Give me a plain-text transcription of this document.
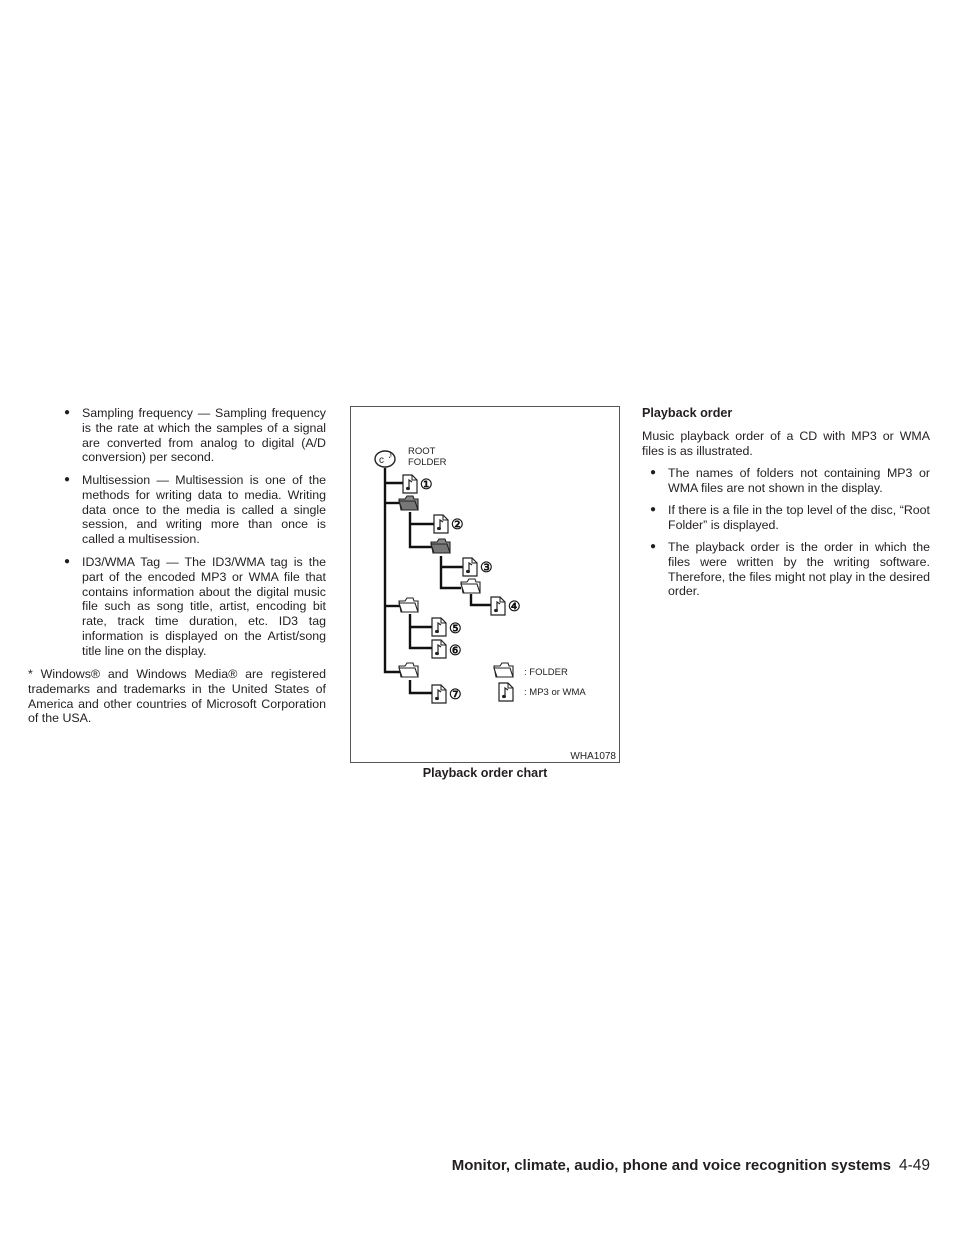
● Sampling frequency — Sampling frequency is the rate at which the samples of a signal are converted from analog to digital (A/D conversion) per second.
● Multisession — Multisession is one of the methods for writing data to media. Writing data once to the media is called a single session, and writing more than once is called a multisession.
● ID3/WMA Tag — The ID3/WMA tag is the part of the encoded MP3 or WMA file that contains information about the digital music file such as song title, artist, encoding bit rate, track time duration, etc. ID3 tag information is displayed on the Artist/song title line on the display.
* Windows® and Windows Media® are registered trademarks and trademarks in the United States of America and other countries of Microsoft Corporation of the USA.
c ♪ ROOT
FOLDER
①
②
③
④
⑤
⑥
⑦
: FOLDER
: MP3 or WMA
WHA1078
Playback order chart
Playback order
Music playback order of a CD with MP3 or WMA files is as illustrated.
● The names of folders not containing MP3 or WMA files are not shown in the display.
● If there is a file in the top level of the disc, “Root Folder” is displayed.
● The playback order is the order in which the files were written by the writing software. Therefore, the files might not play in the desired order.
Monitor, climate, audio, phone and voice recognition systems 4-49
